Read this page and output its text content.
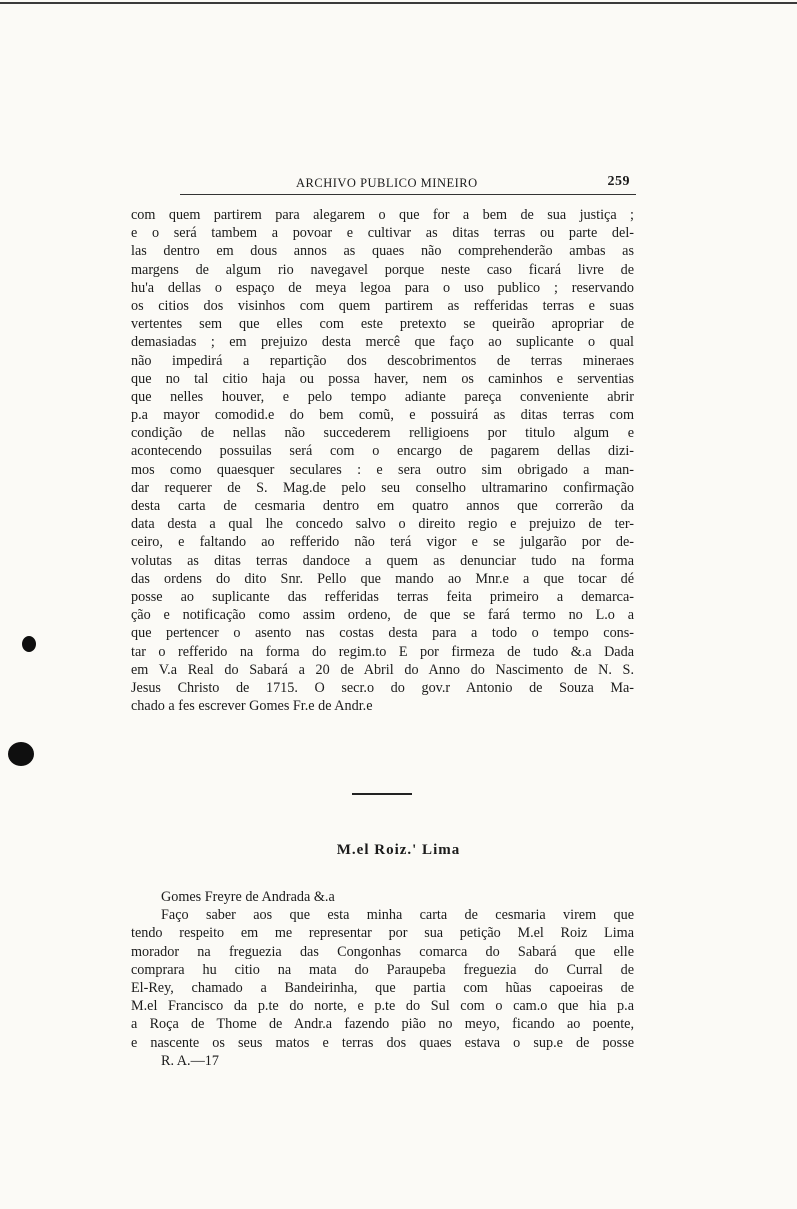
ARCHIVO PUBLICO MINEIRO	259
com quem partirem para alegarem o que for a bem de sua justiça ;
e o será tambem a povoar e cultivar as ditas terras ou parte del-
las dentro em dous annos as quaes não comprehenderão ambas as
margens de algum rio navegavel porque neste caso ficará livre de
hu'a dellas o espaço de meya legoa para o uso publico ; reservando
os citios dos visinhos com quem partirem as refferidas terras e suas
vertentes sem que elles com este pretexto se queirão apropriar de
demasiadas ; em prejuizo desta mercê que faço ao suplicante o qual
não impedirá a repartição dos descobrimentos de terras mineraes
que no tal citio haja ou possa haver, nem os caminhos e serventias
que nelles houver, e pelo tempo adiante pareça conveniente abrir
p.a mayor comodid.e do bem comũ, e possuirá as ditas terras com
condição de nellas não succederem relligioens por titulo algum e
acontecendo possuilas será com o encargo de pagarem dellas dizi-
mos como quaesquer seculares : e sera outro sim obrigado a man-
dar requerer de S. Mag.de pelo seu conselho ultramarino confirmação
desta carta de cesmaria dentro em quatro annos que correrão da
data desta a qual lhe concedo salvo o direito regio e prejuizo de ter-
ceiro, e faltando ao refferido não terá vigor e se julgarão por de-
volutas as ditas terras dandoce a quem as denunciar tudo na forma
das ordens do dito Snr. Pello que mando ao Mnr.e a que tocar dé
posse ao suplicante das refferidas terras feita primeiro a demarca-
ção e notificação como assim ordeno, de que se fará termo no L.o a
que pertencer o asento nas costas desta para a todo o tempo cons-
tar o refferido na forma do regim.to E por firmeza de tudo &.a Dada
em V.a Real do Sabará a 20 de Abril do Anno do Nascimento de N. S.
Jesus Christo de 1715. O secr.o do gov.r Antonio de Souza Ma-
chado a fes escrever Gomes Fr.e de Andr.e
M.el Roiz.' Lima
Gomes Freyre de Andrada &.a
Faço saber aos que esta minha carta de cesmaria virem que
tendo respeito em me representar por sua petição M.el Roiz Lima
morador na freguezia das Congonhas comarca do Sabará que elle
comprara hu citio na mata do Paraupeba freguezia do Curral de
El-Rey, chamado a Bandeirinha, que partia com hũas capoeiras de
M.el Francisco da p.te do norte, e p.te do Sul com o cam.o que hia p.a
a Roça de Thome de Andr.a fazendo pião no meyo, ficando ao poente,
e nascente os seus matos e terras dos quaes estava o sup.e de posse
R. A.—17
